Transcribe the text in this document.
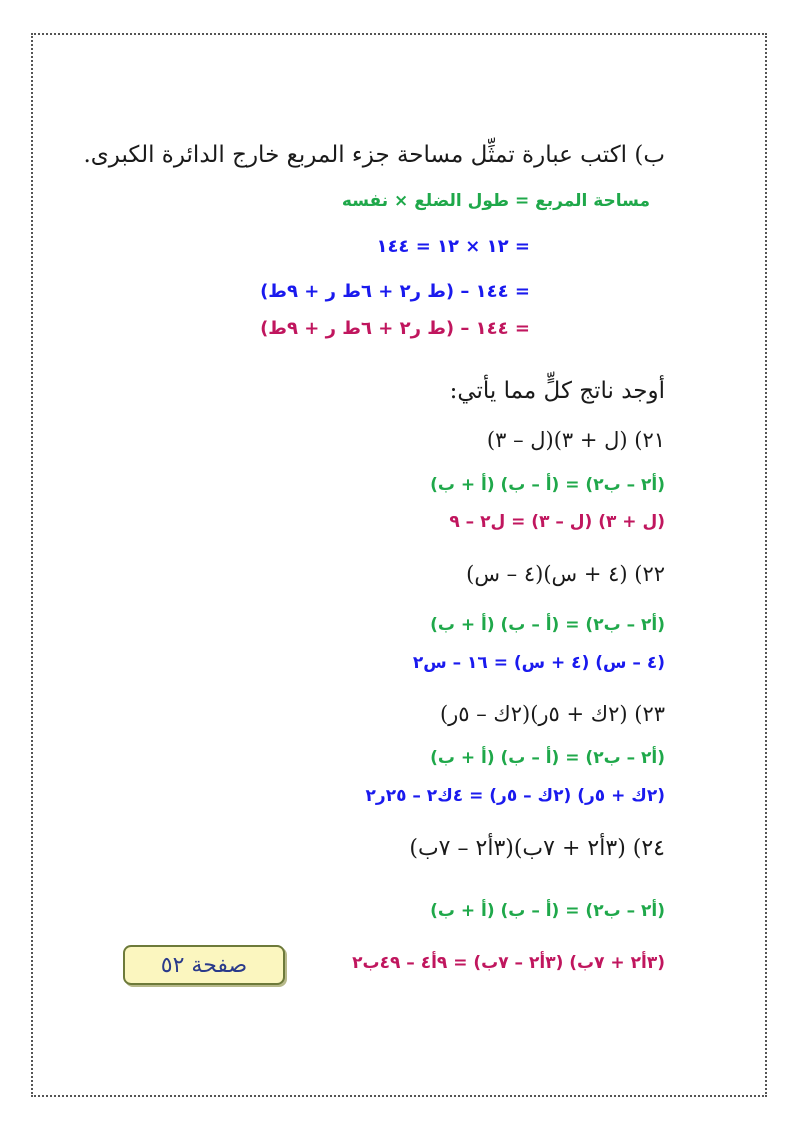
ب) اكتب عبارة تمثِّل مساحة جزء المربع خارج الدائرة الكبرى.
مساحة المربع = طول الضلع × نفسه
= ١٢ × ١٢ = ١٤٤
= ١٤٤ – (ط ر٢ + ٦ط ر + ٩ط)
= ١٤٤ – (ط ر٢ + ٦ط ر + ٩ط)
أوجد ناتج كلٍّ مما يأتي:
٢١) (ل + ٣)(ل – ٣)
(أ٢ – ب٢) = (أ – ب) (أ + ب)
(ل + ٣) (ل – ٣) = ل٢ – ٩
٢٢) (٤ + س)(٤ – س)
(أ٢ – ب٢) = (أ – ب) (أ + ب)
(٤ – س) (٤ + س) = ١٦ – س٢
٢٣) (٢ك + ٥ر)(٢ك – ٥ر)
(أ٢ – ب٢) = (أ – ب) (أ + ب)
(٢ك + ٥ر) (٢ك – ٥ر) = ٤ك٢ – ٢٥ر٢
٢٤) (٣أ٢ + ٧ب)(٣أ٢ – ٧ب)
(أ٢ – ب٢) = (أ – ب) (أ + ب)
(٣أ٢ + ٧ب) (٣أ٢ – ٧ب) = ٩أ٤ – ٤٩ب٢
صفحة ٥٢
